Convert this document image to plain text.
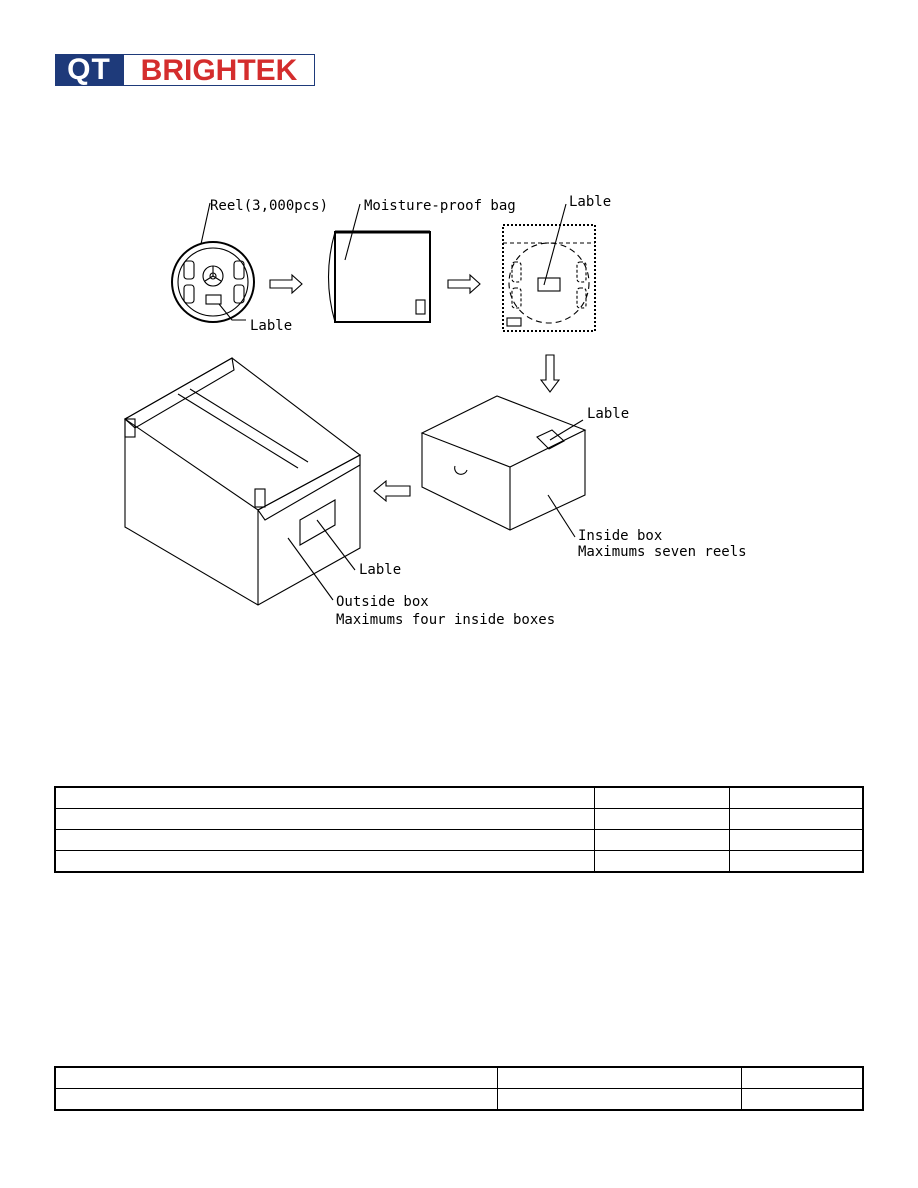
QT BRIGHTEK
Reel(3,000pcs)	Moisture-proof bag	Lable
Lable
Lable
Inside box
Maximums seven reels
Lable
Outside box
Maximums four inside boxes
